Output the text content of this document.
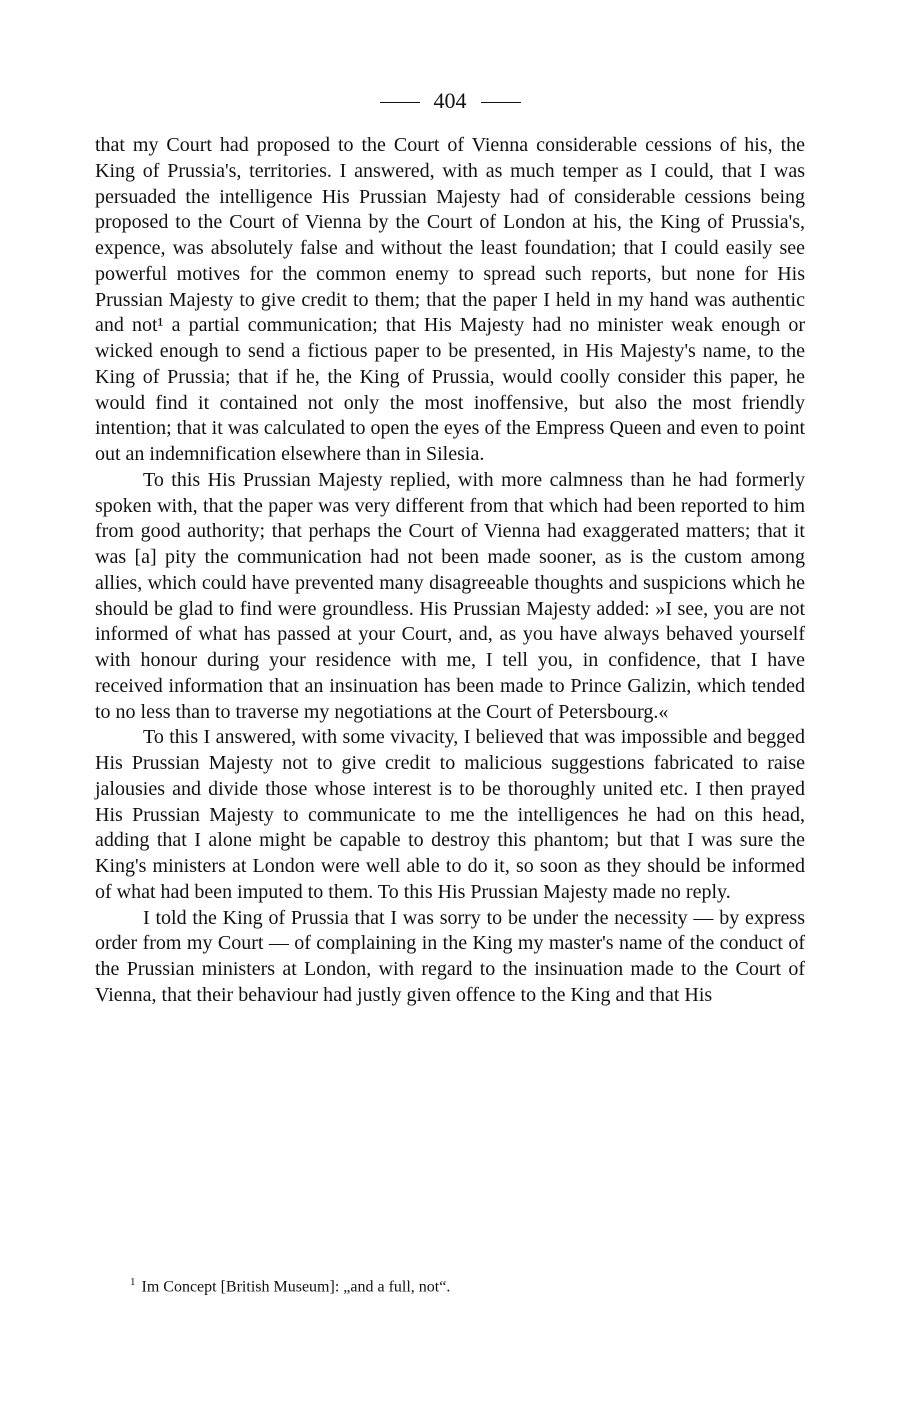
404

that my Court had proposed to the Court of Vienna considerable cessions of his, the King of Prussia's, territories. I answered, with as much temper as I could, that I was persuaded the intelligence His Prussian Majesty had of considerable cessions being proposed to the Court of Vienna by the Court of London at his, the King of Prussia's, expence, was absolutely false and without the least foundation; that I could easily see powerful motives for the common enemy to spread such reports, but none for His Prussian Majesty to give credit to them; that the paper I held in my hand was authentic and not¹ a partial communication; that His Majesty had no minister weak enough or wicked enough to send a fictious paper to be presented, in His Majesty's name, to the King of Prussia; that if he, the King of Prussia, would coolly consider this paper, he would find it contained not only the most inoffensive, but also the most friendly intention; that it was calculated to open the eyes of the Empress Queen and even to point out an indemnification elsewhere than in Silesia.

To this His Prussian Majesty replied, with more calmness than he had formerly spoken with, that the paper was very different from that which had been reported to him from good authority; that perhaps the Court of Vienna had exaggerated matters; that it was [a] pity the communication had not been made sooner, as is the custom among allies, which could have prevented many disagreeable thoughts and suspicions which he should be glad to find were groundless. His Prussian Majesty added: »I see, you are not informed of what has passed at your Court, and, as you have always behaved yourself with honour during your residence with me, I tell you, in confidence, that I have received information that an insinuation has been made to Prince Galizin, which tended to no less than to traverse my negotiations at the Court of Petersbourg.«

To this I answered, with some vivacity, I believed that was impossible and begged His Prussian Majesty not to give credit to malicious suggestions fabricated to raise jalousies and divide those whose interest is to be thoroughly united etc. I then prayed His Prussian Majesty to communicate to me the intelligences he had on this head, adding that I alone might be capable to destroy this phantom; but that I was sure the King's ministers at London were well able to do it, so soon as they should be informed of what had been imputed to them. To this His Prussian Majesty made no reply.

I told the King of Prussia that I was sorry to be under the necessity — by express order from my Court — of complaining in the King my master's name of the conduct of the Prussian ministers at London, with regard to the insinuation made to the Court of Vienna, that their behaviour had justly given offence to the King and that His

$^1$ Im Concept [British Museum]: „and a full, not“.
